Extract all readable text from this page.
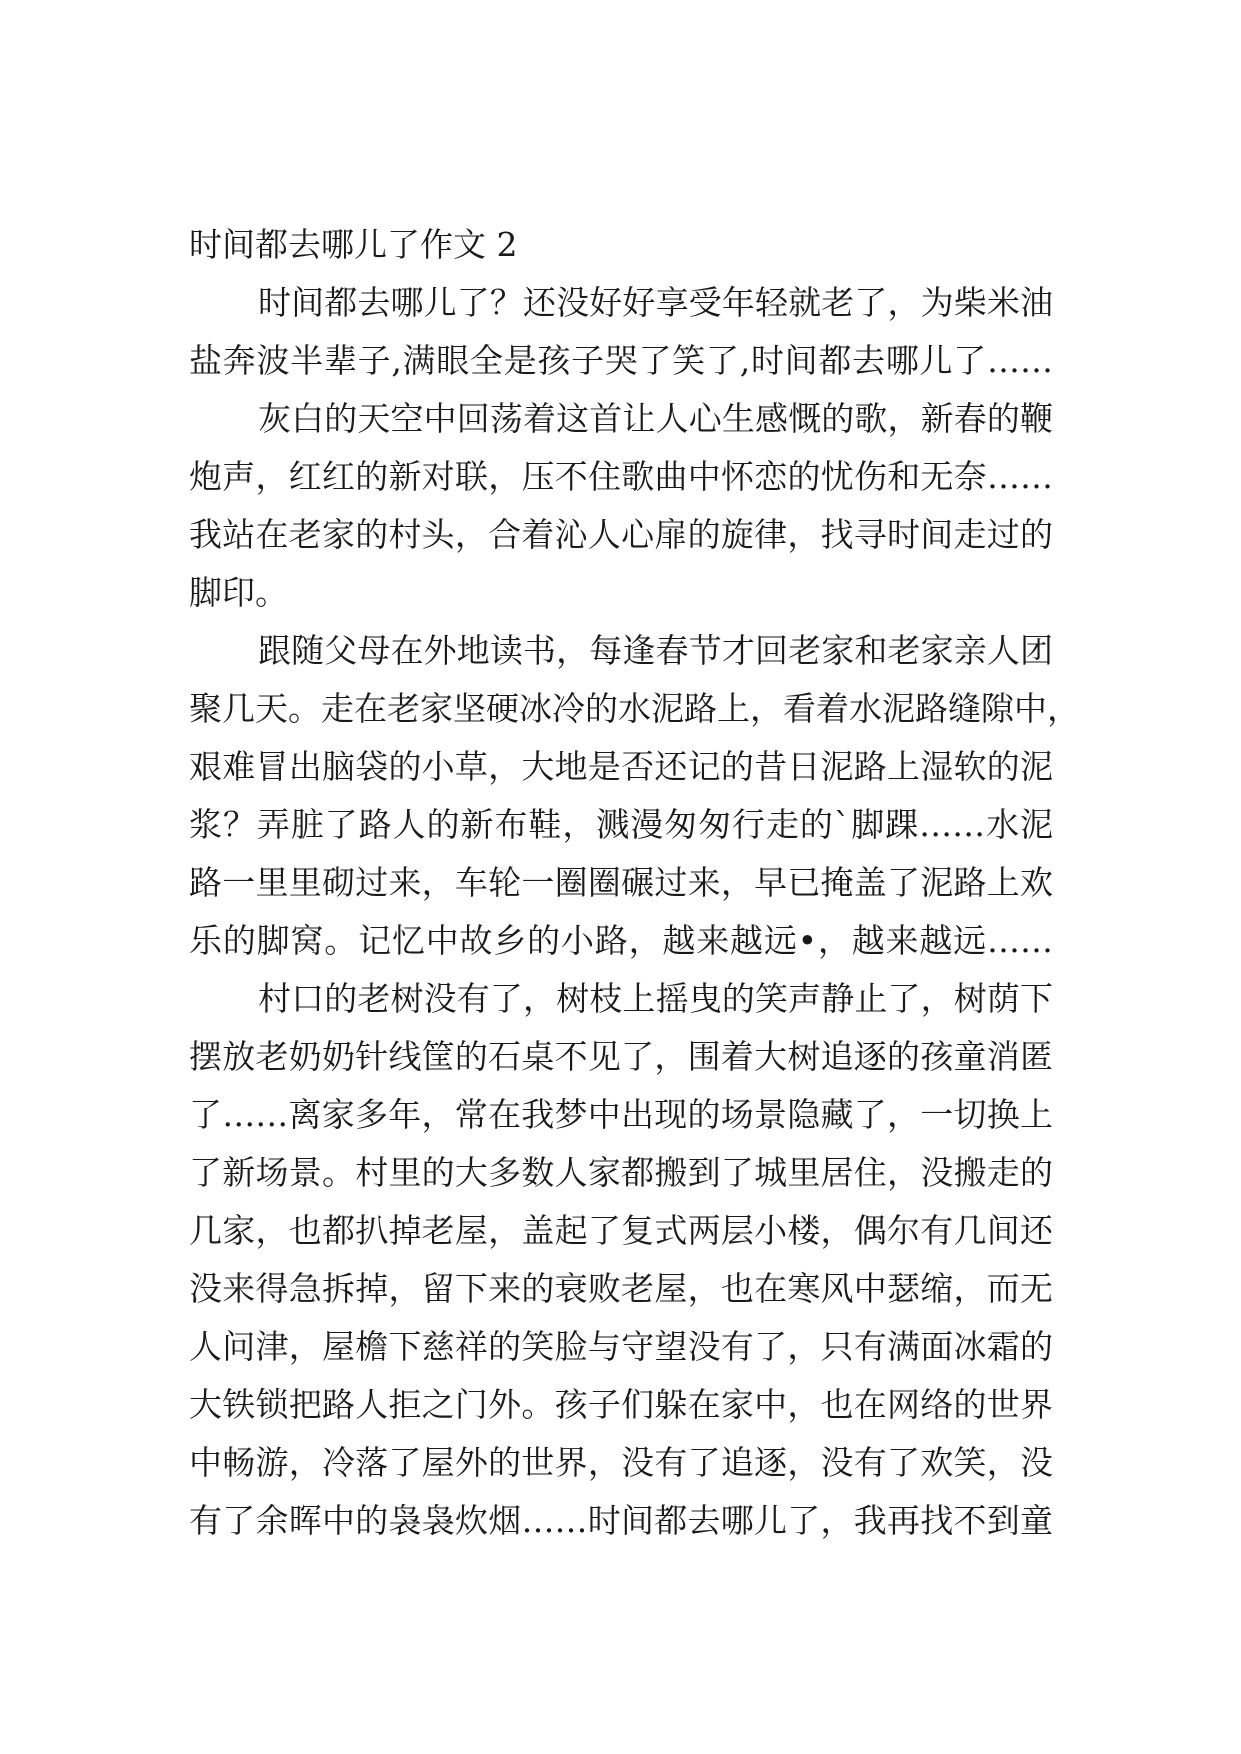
时间都去哪儿了作文 2
时间都去哪儿了？还没好好享受年轻就老了，为柴米油
盐奔波半辈子,满眼全是孩子哭了笑了,时间都去哪儿了……
灰白的天空中回荡着这首让人心生感慨的歌，新春的鞭
炮声，红红的新对联，压不住歌曲中怀恋的忧伤和无奈……
我站在老家的村头，合着沁人心扉的旋律，找寻时间走过的
脚印。
跟随父母在外地读书，每逢春节才回老家和老家亲人团
聚几天。走在老家坚硬冰冷的水泥路上，看着水泥路缝隙中，
艰难冒出脑袋的小草，大地是否还记的昔日泥路上湿软的泥
浆？弄脏了路人的新布鞋，溅漫匆匆行走的`脚踝……水泥
路一里里砌过来，车轮一圈圈碾过来，早已掩盖了泥路上欢
乐的脚窝。记忆中故乡的小路，越来越远•，越来越远……
村口的老树没有了，树枝上摇曳的笑声静止了，树荫下
摆放老奶奶针线筐的石桌不见了，围着大树追逐的孩童消匿
了……离家多年，常在我梦中出现的场景隐藏了，一切换上
了新场景。村里的大多数人家都搬到了城里居住，没搬走的
几家，也都扒掉老屋，盖起了复式两层小楼，偶尔有几间还
没来得急拆掉，留下来的衰败老屋，也在寒风中瑟缩，而无
人问津，屋檐下慈祥的笑脸与守望没有了，只有满面冰霜的
大铁锁把路人拒之门外。孩子们躲在家中，也在网络的世界
中畅游，冷落了屋外的世界，没有了追逐，没有了欢笑，没
有了余晖中的袅袅炊烟……时间都去哪儿了，我再找不到童
